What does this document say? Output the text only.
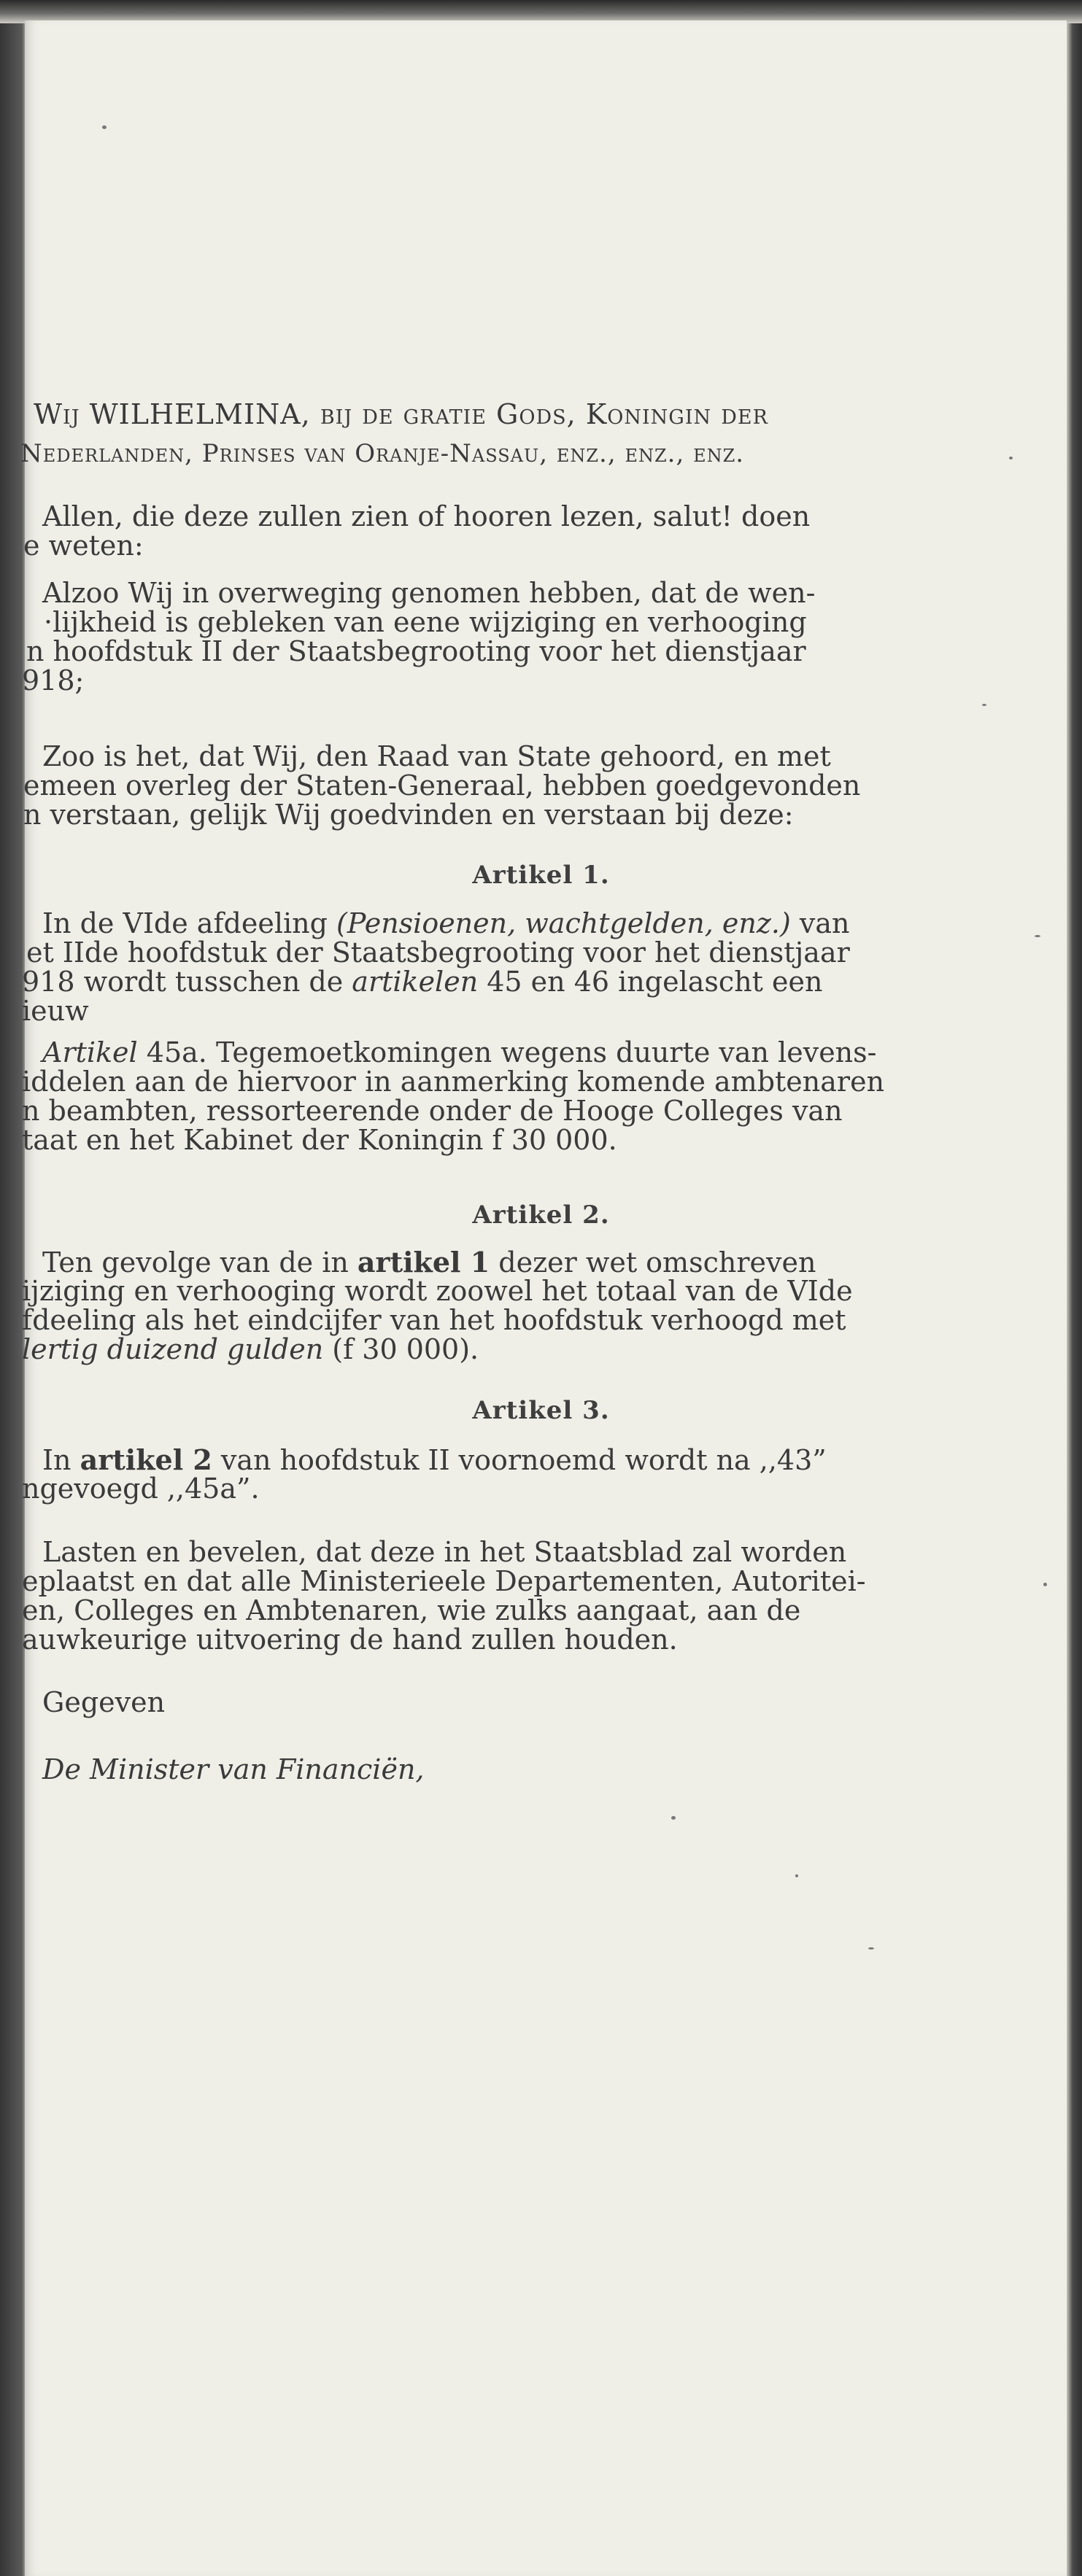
Wij WILHELMINA, bij de gratie Gods, Koningin der
Nederlanden, Prinses van Oranje-Nassau, enz., enz., enz.
Allen, die deze zullen zien of hooren lezen, salut! doen
e weten:
Alzoo Wij in overweging genomen hebben, dat de wen-
·lijkheid is gebleken van eene wijziging en verhooging
n hoofdstuk II der Staatsbegrooting voor het dienstjaar
918;
Zoo is het, dat Wij, den Raad van State gehoord, en met
emeen overleg der Staten-Generaal, hebben goedgevonden
n verstaan, gelijk Wij goedvinden en verstaan bij deze:
Artikel 1.
In de VIde afdeeling (Pensioenen, wachtgelden, enz.) van
et IIde hoofdstuk der Staatsbegrooting voor het dienstjaar
918 wordt tusschen de artikelen 45 en 46 ingelascht een
ieuw
Artikel 45a. Tegemoetkomingen wegens duurte van levens-
iddelen aan de hiervoor in aanmerking komende ambtenaren
n beambten, ressorteerende onder de Hooge Colleges van
taat en het Kabinet der Koningin f 30 000.
Artikel 2.
Ten gevolge van de in artikel 1 dezer wet omschreven
ijziging en verhooging wordt zoowel het totaal van de VIde
fdeeling als het eindcijfer van het hoofdstuk verhoogd met
lertig duizend gulden (f 30 000).
Artikel 3.
In artikel 2 van hoofdstuk II voornoemd wordt na ,,43”
ngevoegd ,,45a”.
Lasten en bevelen, dat deze in het Staatsblad zal worden
eplaatst en dat alle Ministerieele Departementen, Autoritei-
en, Colleges en Ambtenaren, wie zulks aangaat, aan de
auwkeurige uitvoering de hand zullen houden.
Gegeven
De Minister van Financiën,
